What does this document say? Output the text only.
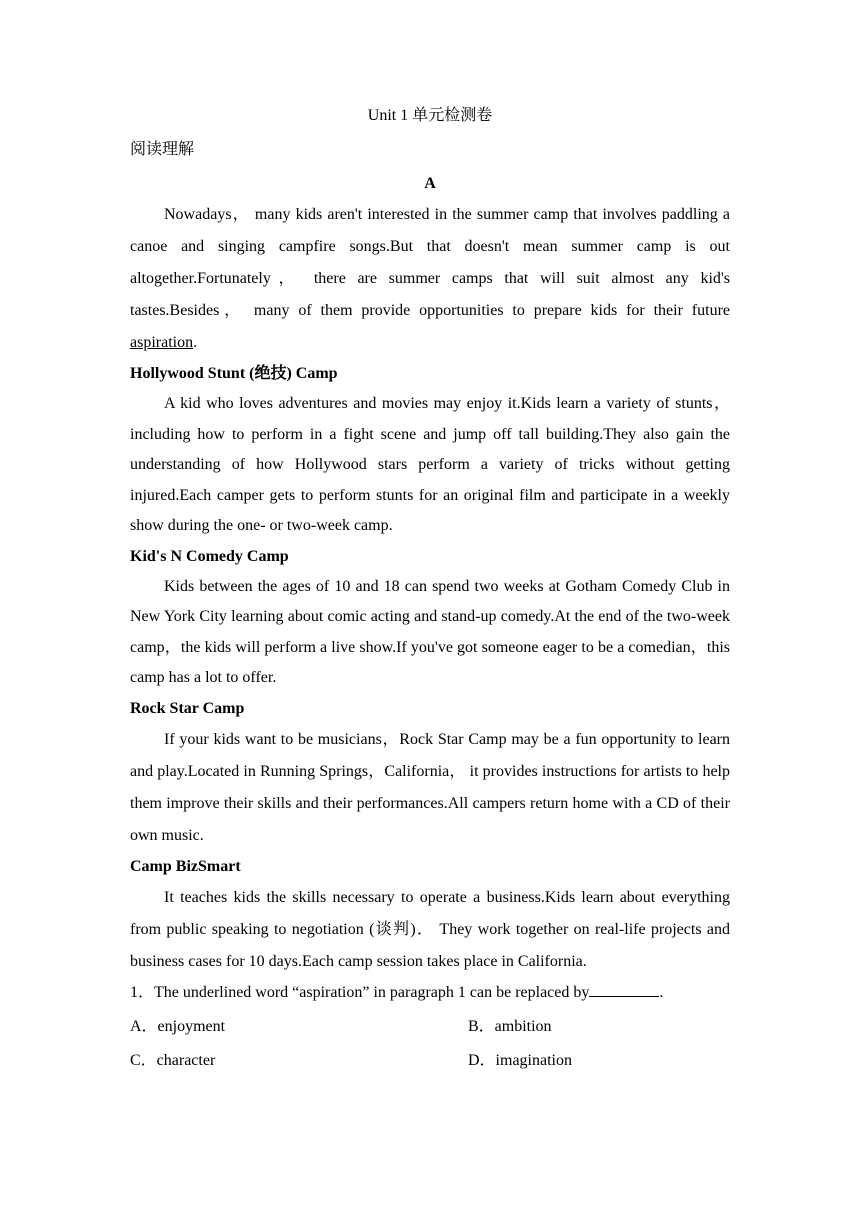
Unit 1 单元检测卷
阅读理解
A

Nowadays， many kids aren't interested in the summer camp that involves paddling a canoe and singing campfire songs.But that doesn't mean summer camp is out altogether.Fortunately， there are summer camps that will suit almost any kid's tastes.Besides， many of them provide opportunities to prepare kids for their future aspiration.

Hollywood Stunt (绝技) Camp

A kid who loves adventures and movies may enjoy it.Kids learn a variety of stunts，including how to perform in a fight scene and jump off tall building.They also gain the understanding of how Hollywood stars perform a variety of tricks without getting injured.Each camper gets to perform stunts for an original film and participate in a weekly show during the one- or two-week camp.

Kid's N Comedy Camp

Kids between the ages of 10 and 18 can spend two weeks at Gotham Comedy Club in New York City learning about comic acting and stand-up comedy.At the end of the two-week camp，the kids will perform a live show.If you've got someone eager to be a comedian，this camp has a lot to offer.

Rock Star Camp

If your kids want to be musicians，Rock Star Camp may be a fun opportunity to learn and play.Located in Running Springs，California， it provides instructions for artists to help them improve their skills and their performances.All campers return home with a CD of their own music.

Camp BizSmart

It teaches kids the skills necessary to operate a business.Kids learn about everything from public speaking to negotiation (谈判)． They work together on real-life projects and business cases for 10 days.Each camp session takes place in California.

1．The underlined word “aspiration” in paragraph 1 can be replaced by	.
A．enjoyment	B．ambition
C．character	D．imagination
